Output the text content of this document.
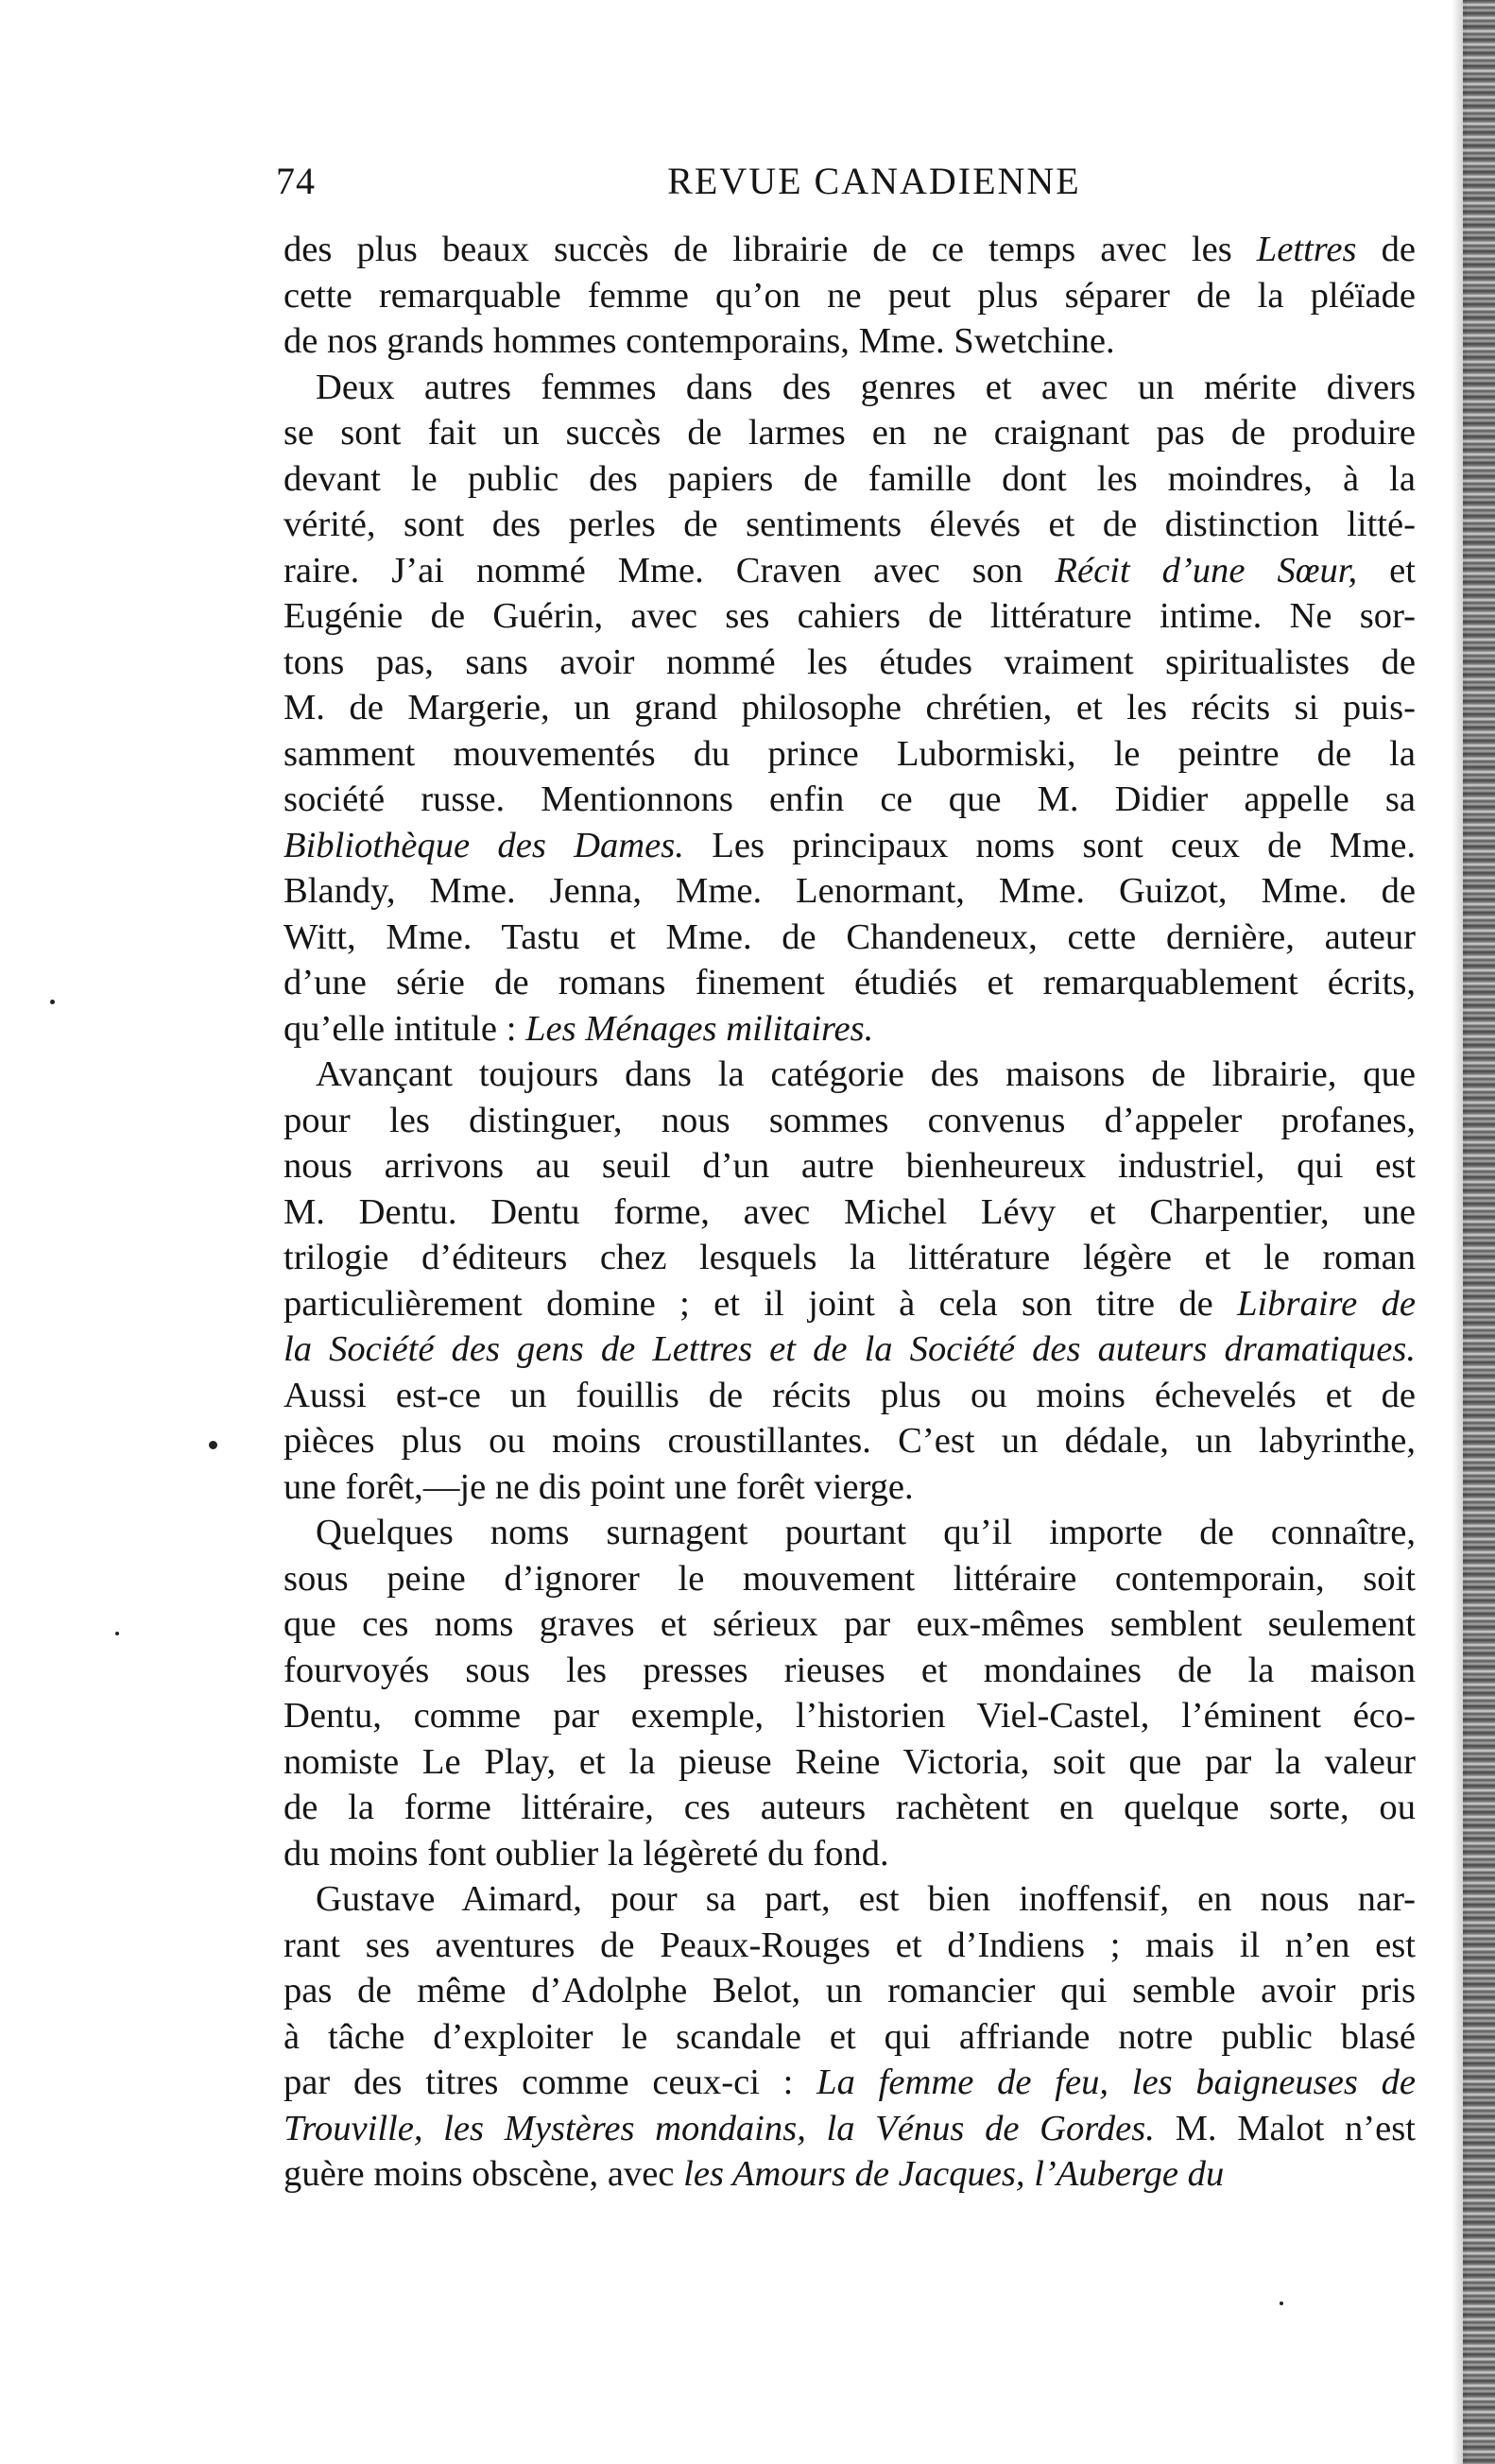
74	REVUE CANADIENNE
des plus beaux succès de librairie de ce temps avec les Lettres de
cette remarquable femme qu’on ne peut plus séparer de la pléïade
de nos grands hommes contemporains, Mme. Swetchine.
Deux autres femmes dans des genres et avec un mérite divers
se sont fait un succès de larmes en ne craignant pas de produire
devant le public des papiers de famille dont les moindres, à la
vérité, sont des perles de sentiments élevés et de distinction litté-
raire. J’ai nommé Mme. Craven avec son Récit d’une Sœur, et
Eugénie de Guérin, avec ses cahiers de littérature intime. Ne sor-
tons pas, sans avoir nommé les études vraiment spiritualistes de
M. de Margerie, un grand philosophe chrétien, et les récits si puis-
samment mouvementés du prince Lubormiski, le peintre de la
société russe. Mentionnons enfin ce que M. Didier appelle sa
Bibliothèque des Dames. Les principaux noms sont ceux de Mme.
Blandy, Mme. Jenna, Mme. Lenormant, Mme. Guizot, Mme. de
Witt, Mme. Tastu et Mme. de Chandeneux, cette dernière, auteur
d’une série de romans finement étudiés et remarquablement écrits,
qu’elle intitule : Les Ménages militaires.
Avançant toujours dans la catégorie des maisons de librairie, que
pour les distinguer, nous sommes convenus d’appeler profanes,
nous arrivons au seuil d’un autre bienheureux industriel, qui est
M. Dentu. Dentu forme, avec Michel Lévy et Charpentier, une
trilogie d’éditeurs chez lesquels la littérature légère et le roman
particulièrement domine ; et il joint à cela son titre de Libraire de
la Société des gens de Lettres et de la Société des auteurs dramatiques.
Aussi est-ce un fouillis de récits plus ou moins échevelés et de
pièces plus ou moins croustillantes. C’est un dédale, un labyrinthe,
une forêt,—je ne dis point une forêt vierge.
Quelques noms surnagent pourtant qu’il importe de connaître,
sous peine d’ignorer le mouvement littéraire contemporain, soit
que ces noms graves et sérieux par eux-mêmes semblent seulement
fourvoyés sous les presses rieuses et mondaines de la maison
Dentu, comme par exemple, l’historien Viel-Castel, l’éminent éco-
nomiste Le Play, et la pieuse Reine Victoria, soit que par la valeur
de la forme littéraire, ces auteurs rachètent en quelque sorte, ou
du moins font oublier la légèreté du fond.
Gustave Aimard, pour sa part, est bien inoffensif, en nous nar-
rant ses aventures de Peaux-Rouges et d’Indiens ; mais il n’en est
pas de même d’Adolphe Belot, un romancier qui semble avoir pris
à tâche d’exploiter le scandale et qui affriande notre public blasé
par des titres comme ceux-ci : La femme de feu, les baigneuses de
Trouville, les Mystères mondains, la Vénus de Gordes. M. Malot n’est
guère moins obscène, avec les Amours de Jacques, l’Auberge du
